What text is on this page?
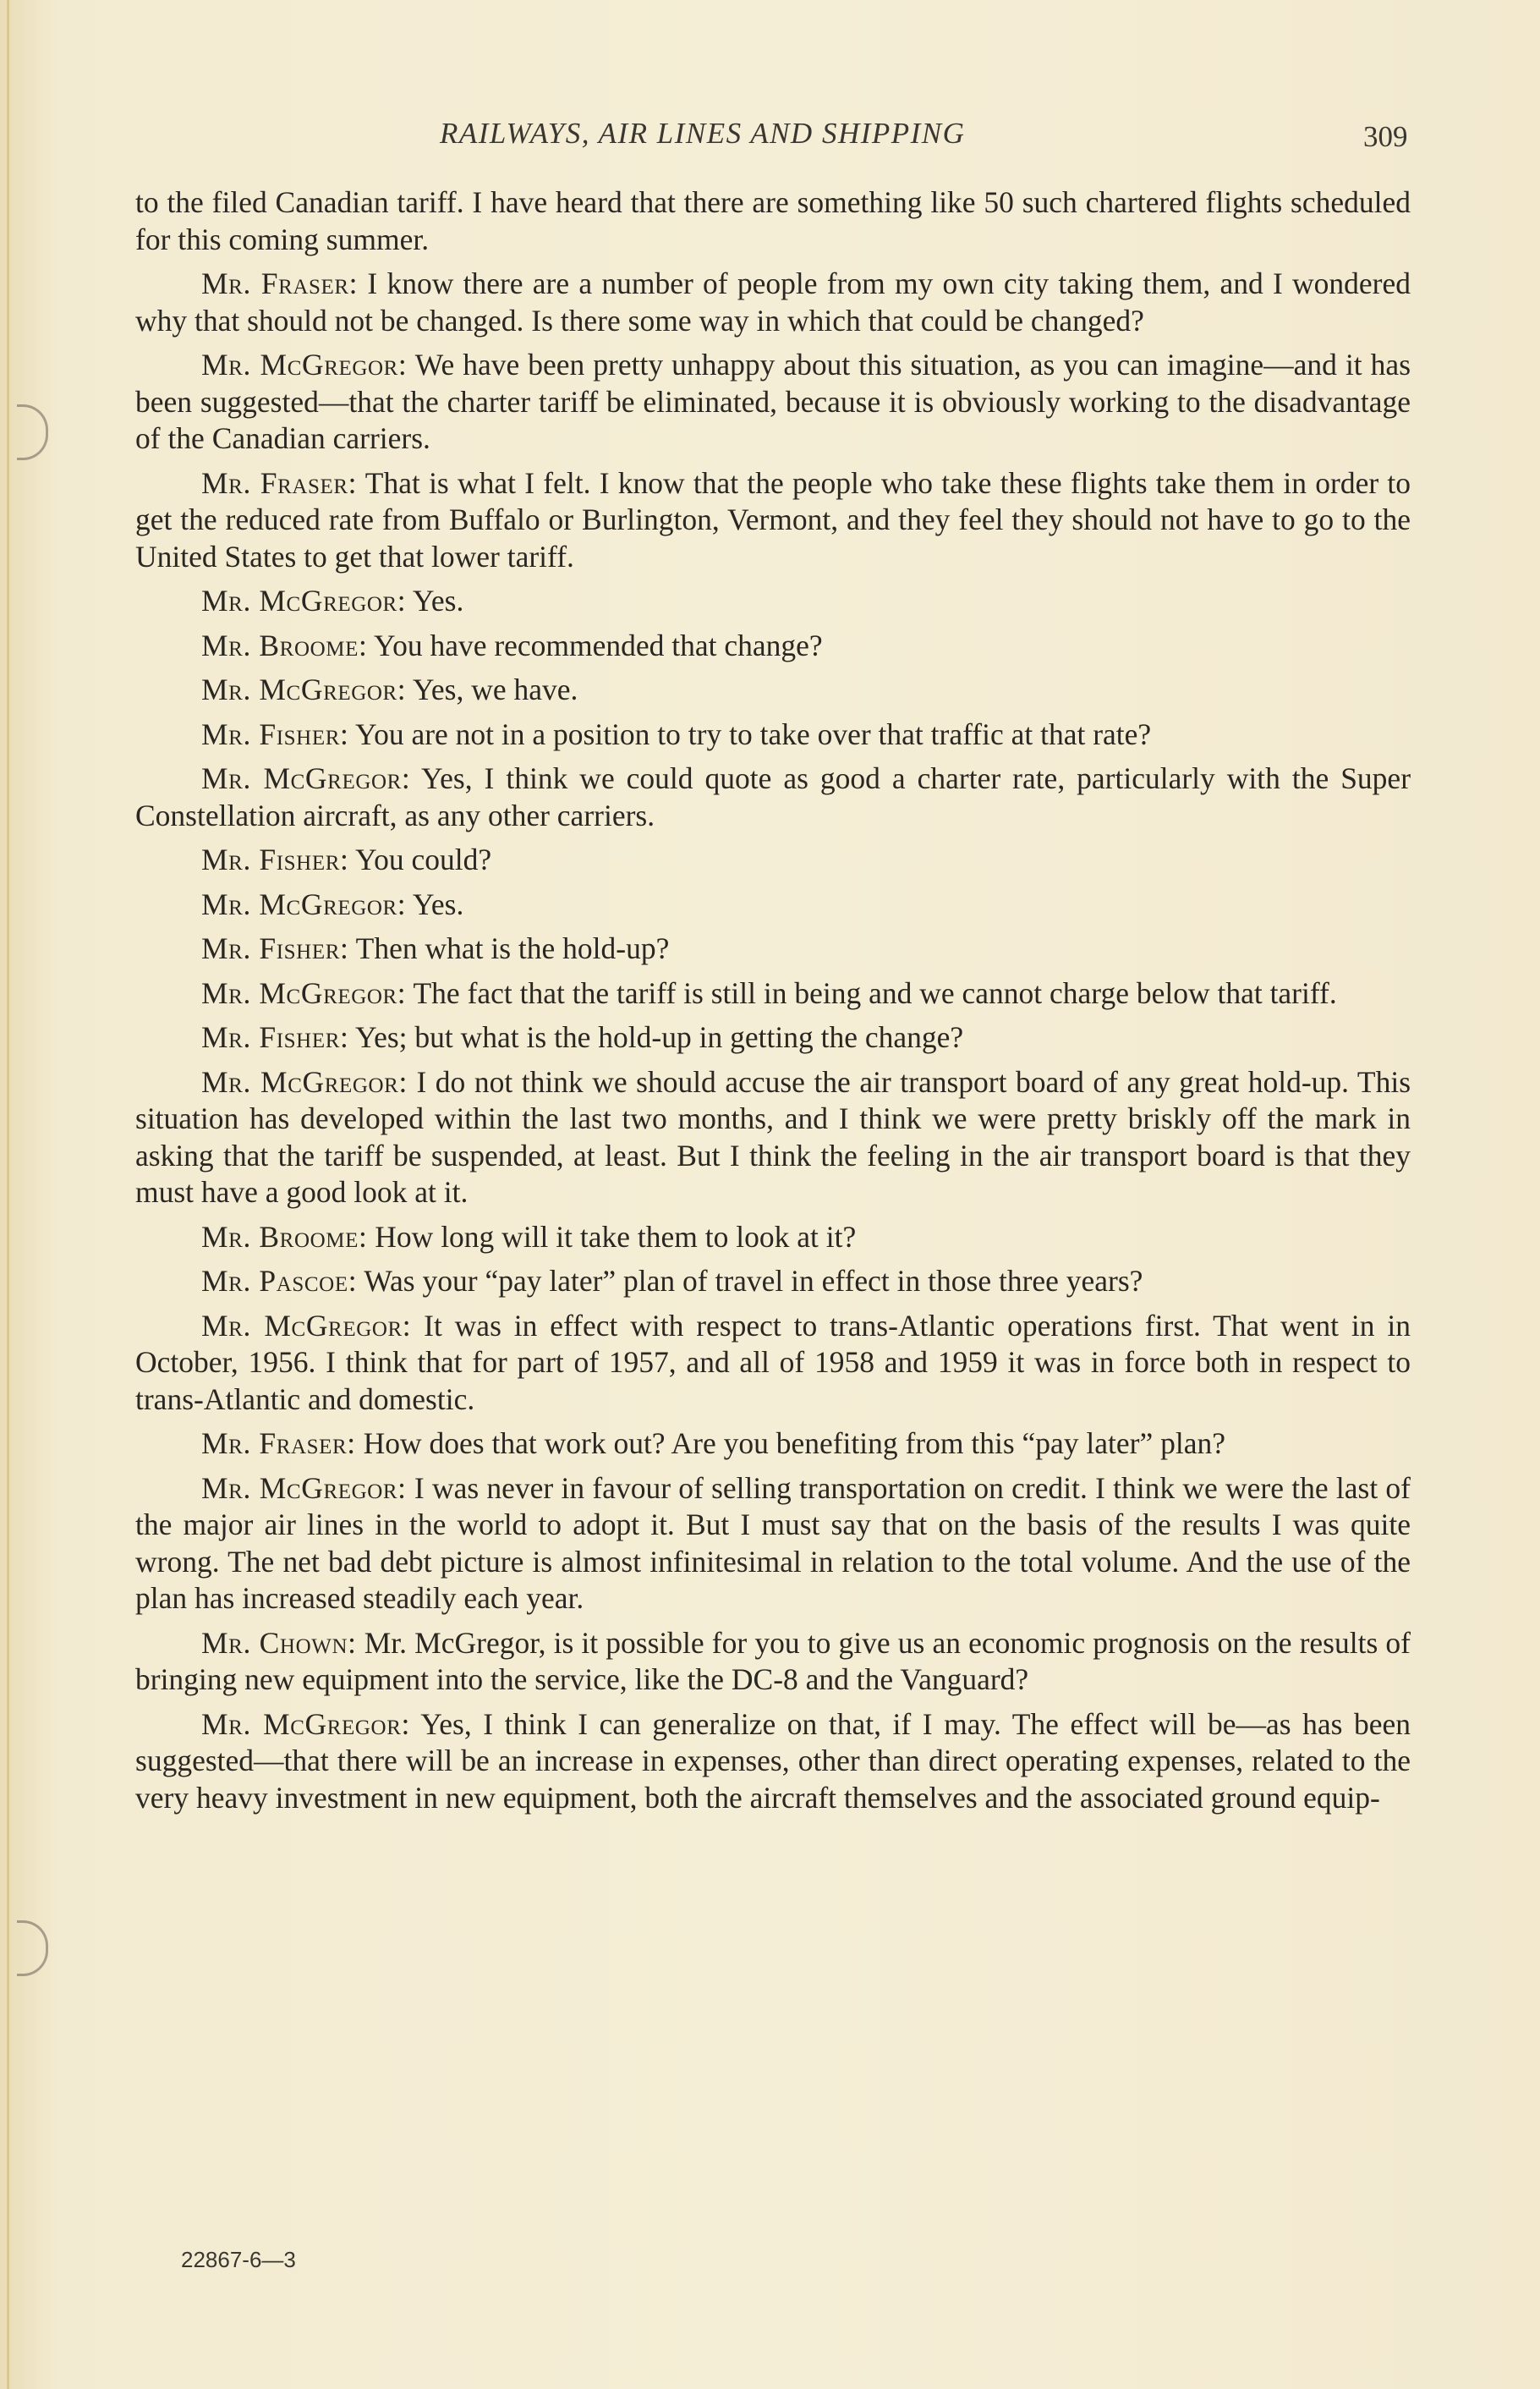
RAILWAYS, AIR LINES AND SHIPPING	309

to the filed Canadian tariff. I have heard that there are something like 50 such chartered flights scheduled for this coming summer.

Mr. Fraser: I know there are a number of people from my own city taking them, and I wondered why that should not be changed. Is there some way in which that could be changed?

Mr. McGregor: We have been pretty unhappy about this situation, as you can imagine—and it has been suggested—that the charter tariff be eliminated, because it is obviously working to the disadvantage of the Canadian carriers.

Mr. Fraser: That is what I felt. I know that the people who take these flights take them in order to get the reduced rate from Buffalo or Burlington, Vermont, and they feel they should not have to go to the United States to get that lower tariff.

Mr. McGregor: Yes.

Mr. Broome: You have recommended that change?

Mr. McGregor: Yes, we have.

Mr. Fisher: You are not in a position to try to take over that traffic at that rate?

Mr. McGregor: Yes, I think we could quote as good a charter rate, particularly with the Super Constellation aircraft, as any other carriers.

Mr. Fisher: You could?

Mr. McGregor: Yes.

Mr. Fisher: Then what is the hold-up?

Mr. McGregor: The fact that the tariff is still in being and we cannot charge below that tariff.

Mr. Fisher: Yes; but what is the hold-up in getting the change?

Mr. McGregor: I do not think we should accuse the air transport board of any great hold-up. This situation has developed within the last two months, and I think we were pretty briskly off the mark in asking that the tariff be suspended, at least. But I think the feeling in the air transport board is that they must have a good look at it.

Mr. Broome: How long will it take them to look at it?

Mr. Pascoe: Was your “pay later” plan of travel in effect in those three years?

Mr. McGregor: It was in effect with respect to trans-Atlantic operations first. That went in in October, 1956. I think that for part of 1957, and all of 1958 and 1959 it was in force both in respect to trans-Atlantic and domestic.

Mr. Fraser: How does that work out? Are you benefiting from this “pay later” plan?

Mr. McGregor: I was never in favour of selling transportation on credit. I think we were the last of the major air lines in the world to adopt it. But I must say that on the basis of the results I was quite wrong. The net bad debt picture is almost infinitesimal in relation to the total volume. And the use of the plan has increased steadily each year.

Mr. Chown: Mr. McGregor, is it possible for you to give us an economic prognosis on the results of bringing new equipment into the service, like the DC-8 and the Vanguard?

Mr. McGregor: Yes, I think I can generalize on that, if I may. The effect will be—as has been suggested—that there will be an increase in expenses, other than direct operating expenses, related to the very heavy investment in new equipment, both the aircraft themselves and the associated ground equip-

22867-6—3
